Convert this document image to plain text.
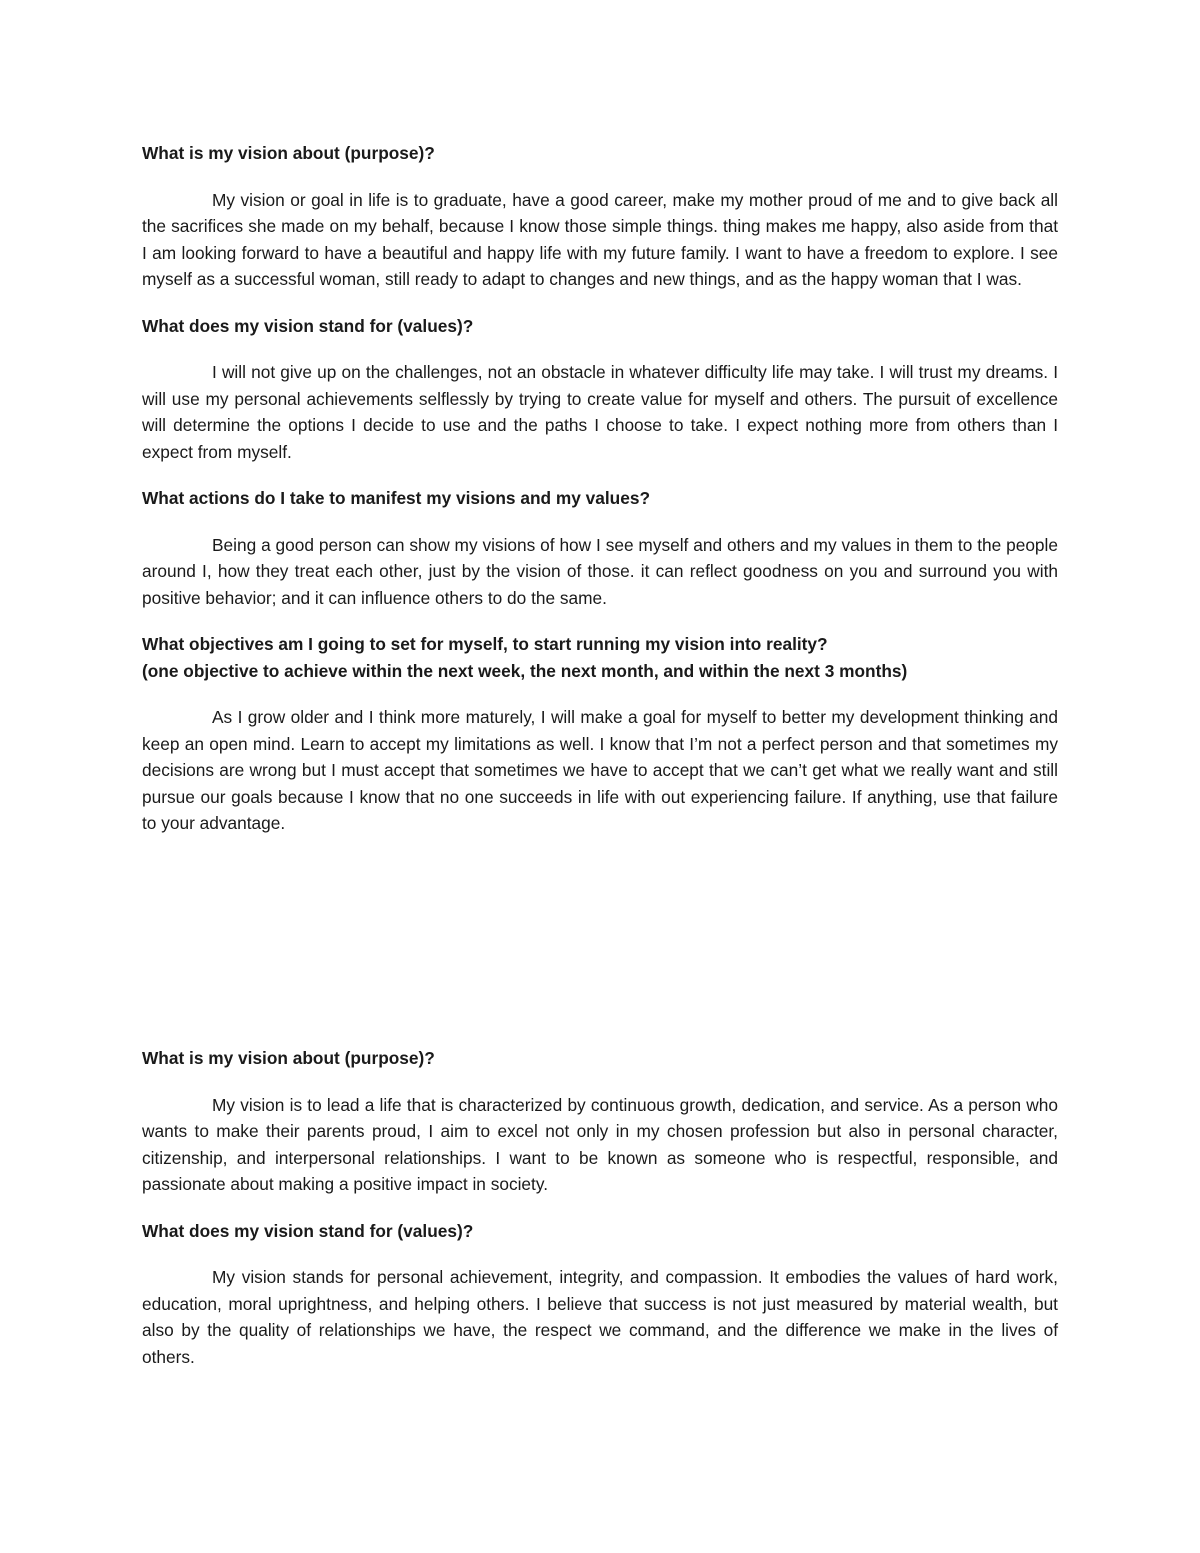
What is my vision about (purpose)?

My vision or goal in life is to graduate, have a good career, make my mother proud of me and to give back all the sacrifices she made on my behalf, because I know those simple things. thing makes me happy, also aside from that I am looking forward to have a beautiful and happy life with my future family. I want to have a freedom to explore. I see myself as a successful woman, still ready to adapt to changes and new things, and as the happy woman that I was.

What does my vision stand for (values)?

I will not give up on the challenges, not an obstacle in whatever difficulty life may take. I will trust my dreams. I will use my personal achievements selflessly by trying to create value for myself and others. The pursuit of excellence will determine the options I decide to use and the paths I choose to take. I expect nothing more from others than I expect from myself.

What actions do I take to manifest my visions and my values?

Being a good person can show my visions of how I see myself and others and my values in them to the people around I, how they treat each other, just by the vision of those. it can reflect goodness on you and surround you with positive behavior; and it can influence others to do the same.

What objectives am I going to set for myself, to start running my vision into reality?
(one objective to achieve within the next week, the next month, and within the next 3 months)

As I grow older and I think more maturely, I will make a goal for myself to better my development thinking and keep an open mind. Learn to accept my limitations as well. I know that I’m not a perfect person and that sometimes my decisions are wrong but I must accept that sometimes we have to accept that we can’t get what we really want and still pursue our goals because I know that no one succeeds in life with out experiencing failure. If anything, use that failure to your advantage.

What is my vision about (purpose)?

My vision is to lead a life that is characterized by continuous growth, dedication, and service. As a person who wants to make their parents proud, I aim to excel not only in my chosen profession but also in personal character, citizenship, and interpersonal relationships. I want to be known as someone who is respectful, responsible, and passionate about making a positive impact in society.

What does my vision stand for (values)?

My vision stands for personal achievement, integrity, and compassion. It embodies the values of hard work, education, moral uprightness, and helping others. I believe that success is not just measured by material wealth, but also by the quality of relationships we have, the respect we command, and the difference we make in the lives of others.
